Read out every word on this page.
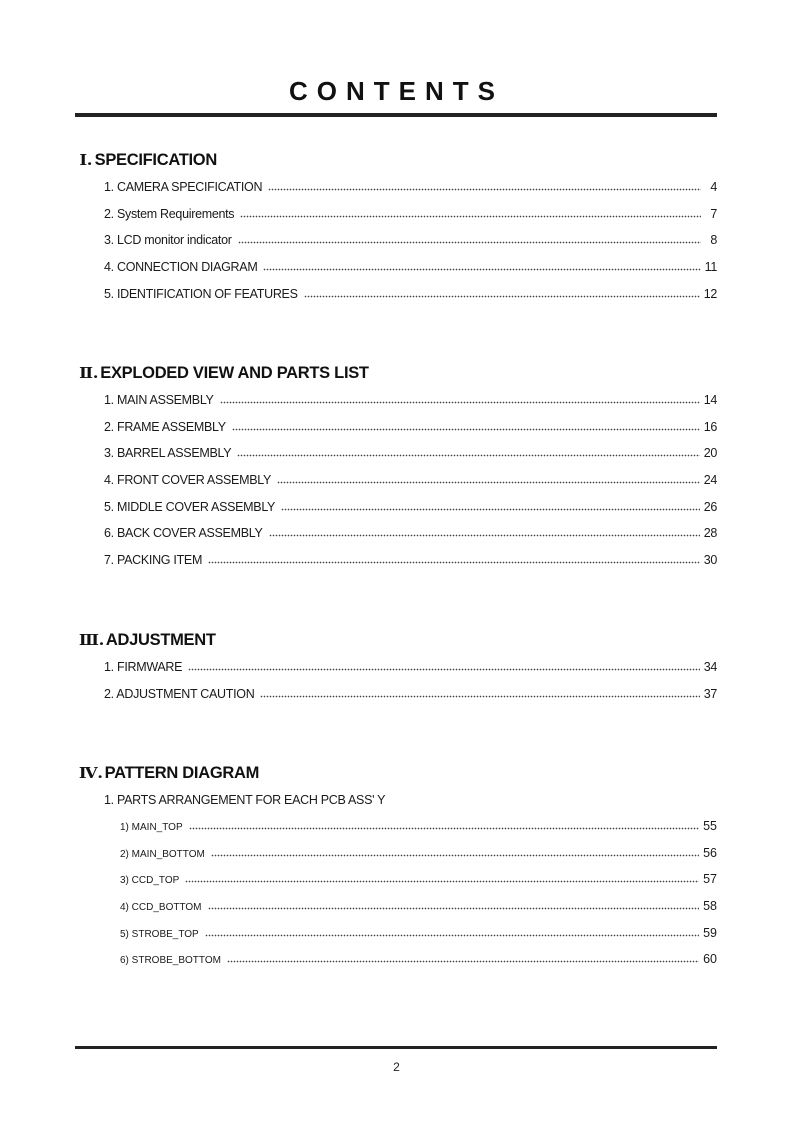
CONTENTS
Ⅰ. SPECIFICATION
1. CAMERA SPECIFICATION	4
2. System Requirements	7
3. LCD monitor indicator	8
4. CONNECTION DIAGRAM	11
5. IDENTIFICATION OF FEATURES	12
Ⅱ. EXPLODED VIEW AND PARTS LIST
1. MAIN ASSEMBLY	14
2. FRAME ASSEMBLY	16
3. BARREL ASSEMBLY	20
4. FRONT COVER ASSEMBLY	24
5. MIDDLE COVER ASSEMBLY	26
6. BACK COVER ASSEMBLY	28
7. PACKING ITEM	30
Ⅲ. ADJUSTMENT
1. FIRMWARE	34
2. ADJUSTMENT CAUTION	37
Ⅳ. PATTERN DIAGRAM
1. PARTS ARRANGEMENT FOR EACH PCB ASS' Y
1) MAIN_TOP	55
2) MAIN_BOTTOM	56
3) CCD_TOP	57
4) CCD_BOTTOM	58
5) STROBE_TOP	59
6) STROBE_BOTTOM	60
2
